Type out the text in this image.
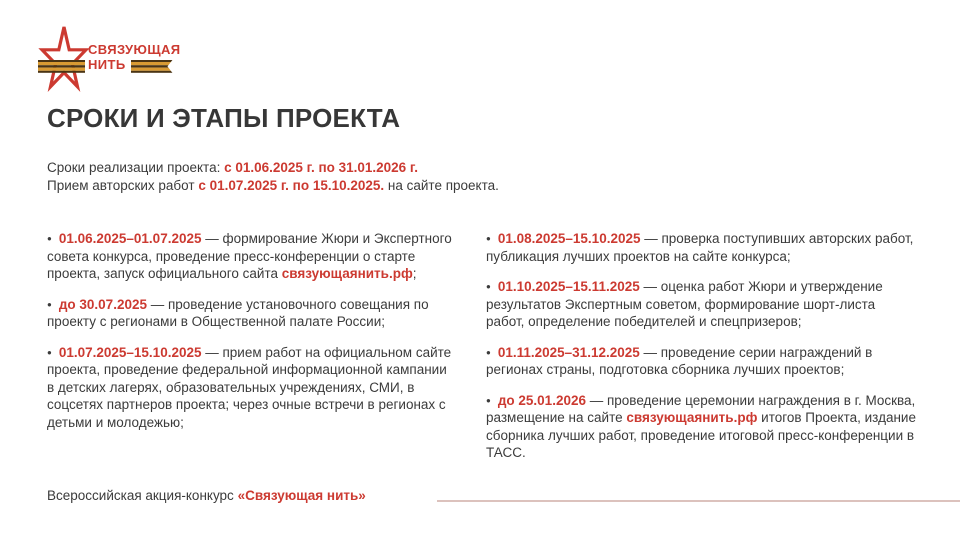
СВЯЗУЮЩАЯ
НИТЬ
СРОКИ И ЭТАПЫ ПРОЕКТА
Сроки реализации проекта: с 01.06.2025 г. по 31.01.2026 г.
Прием авторских работ с 01.07.2025 г. по 15.10.2025. на сайте проекта.

● 01.06.2025–01.07.2025 — формирование Жюри и Экспертного совета конкурса, проведение пресс-конференции о старте проекта, запуск официального сайта связующаянить.рф;

● до 30.07.2025 — проведение установочного совещания по проекту с регионами в Общественной палате России;

● 01.07.2025–15.10.2025 — прием работ на официальном сайте проекта, проведение федеральной информационной кампании в детских лагерях, образовательных учреждениях, СМИ, в соцсетях партнеров проекта; через очные встречи в регионах с детьми и молодежью;

● 01.08.2025–15.10.2025 — проверка поступивших авторских работ, публикация лучших проектов на сайте конкурса;

● 01.10.2025–15.11.2025 — оценка работ Жюри и утверждение результатов Экспертным советом, формирование шорт-листа работ, определение победителей и спецпризеров;

● 01.11.2025–31.12.2025 — проведение серии награждений в регионах страны, подготовка сборника лучших проектов;

● до 25.01.2026 — проведение церемонии награждения в г. Москва, размещение на сайте связующаянить.рф итогов Проекта, издание сборника лучших работ, проведение итоговой пресс-конференции в ТАСС.

Всероссийская акция-конкурс «Связующая нить»
